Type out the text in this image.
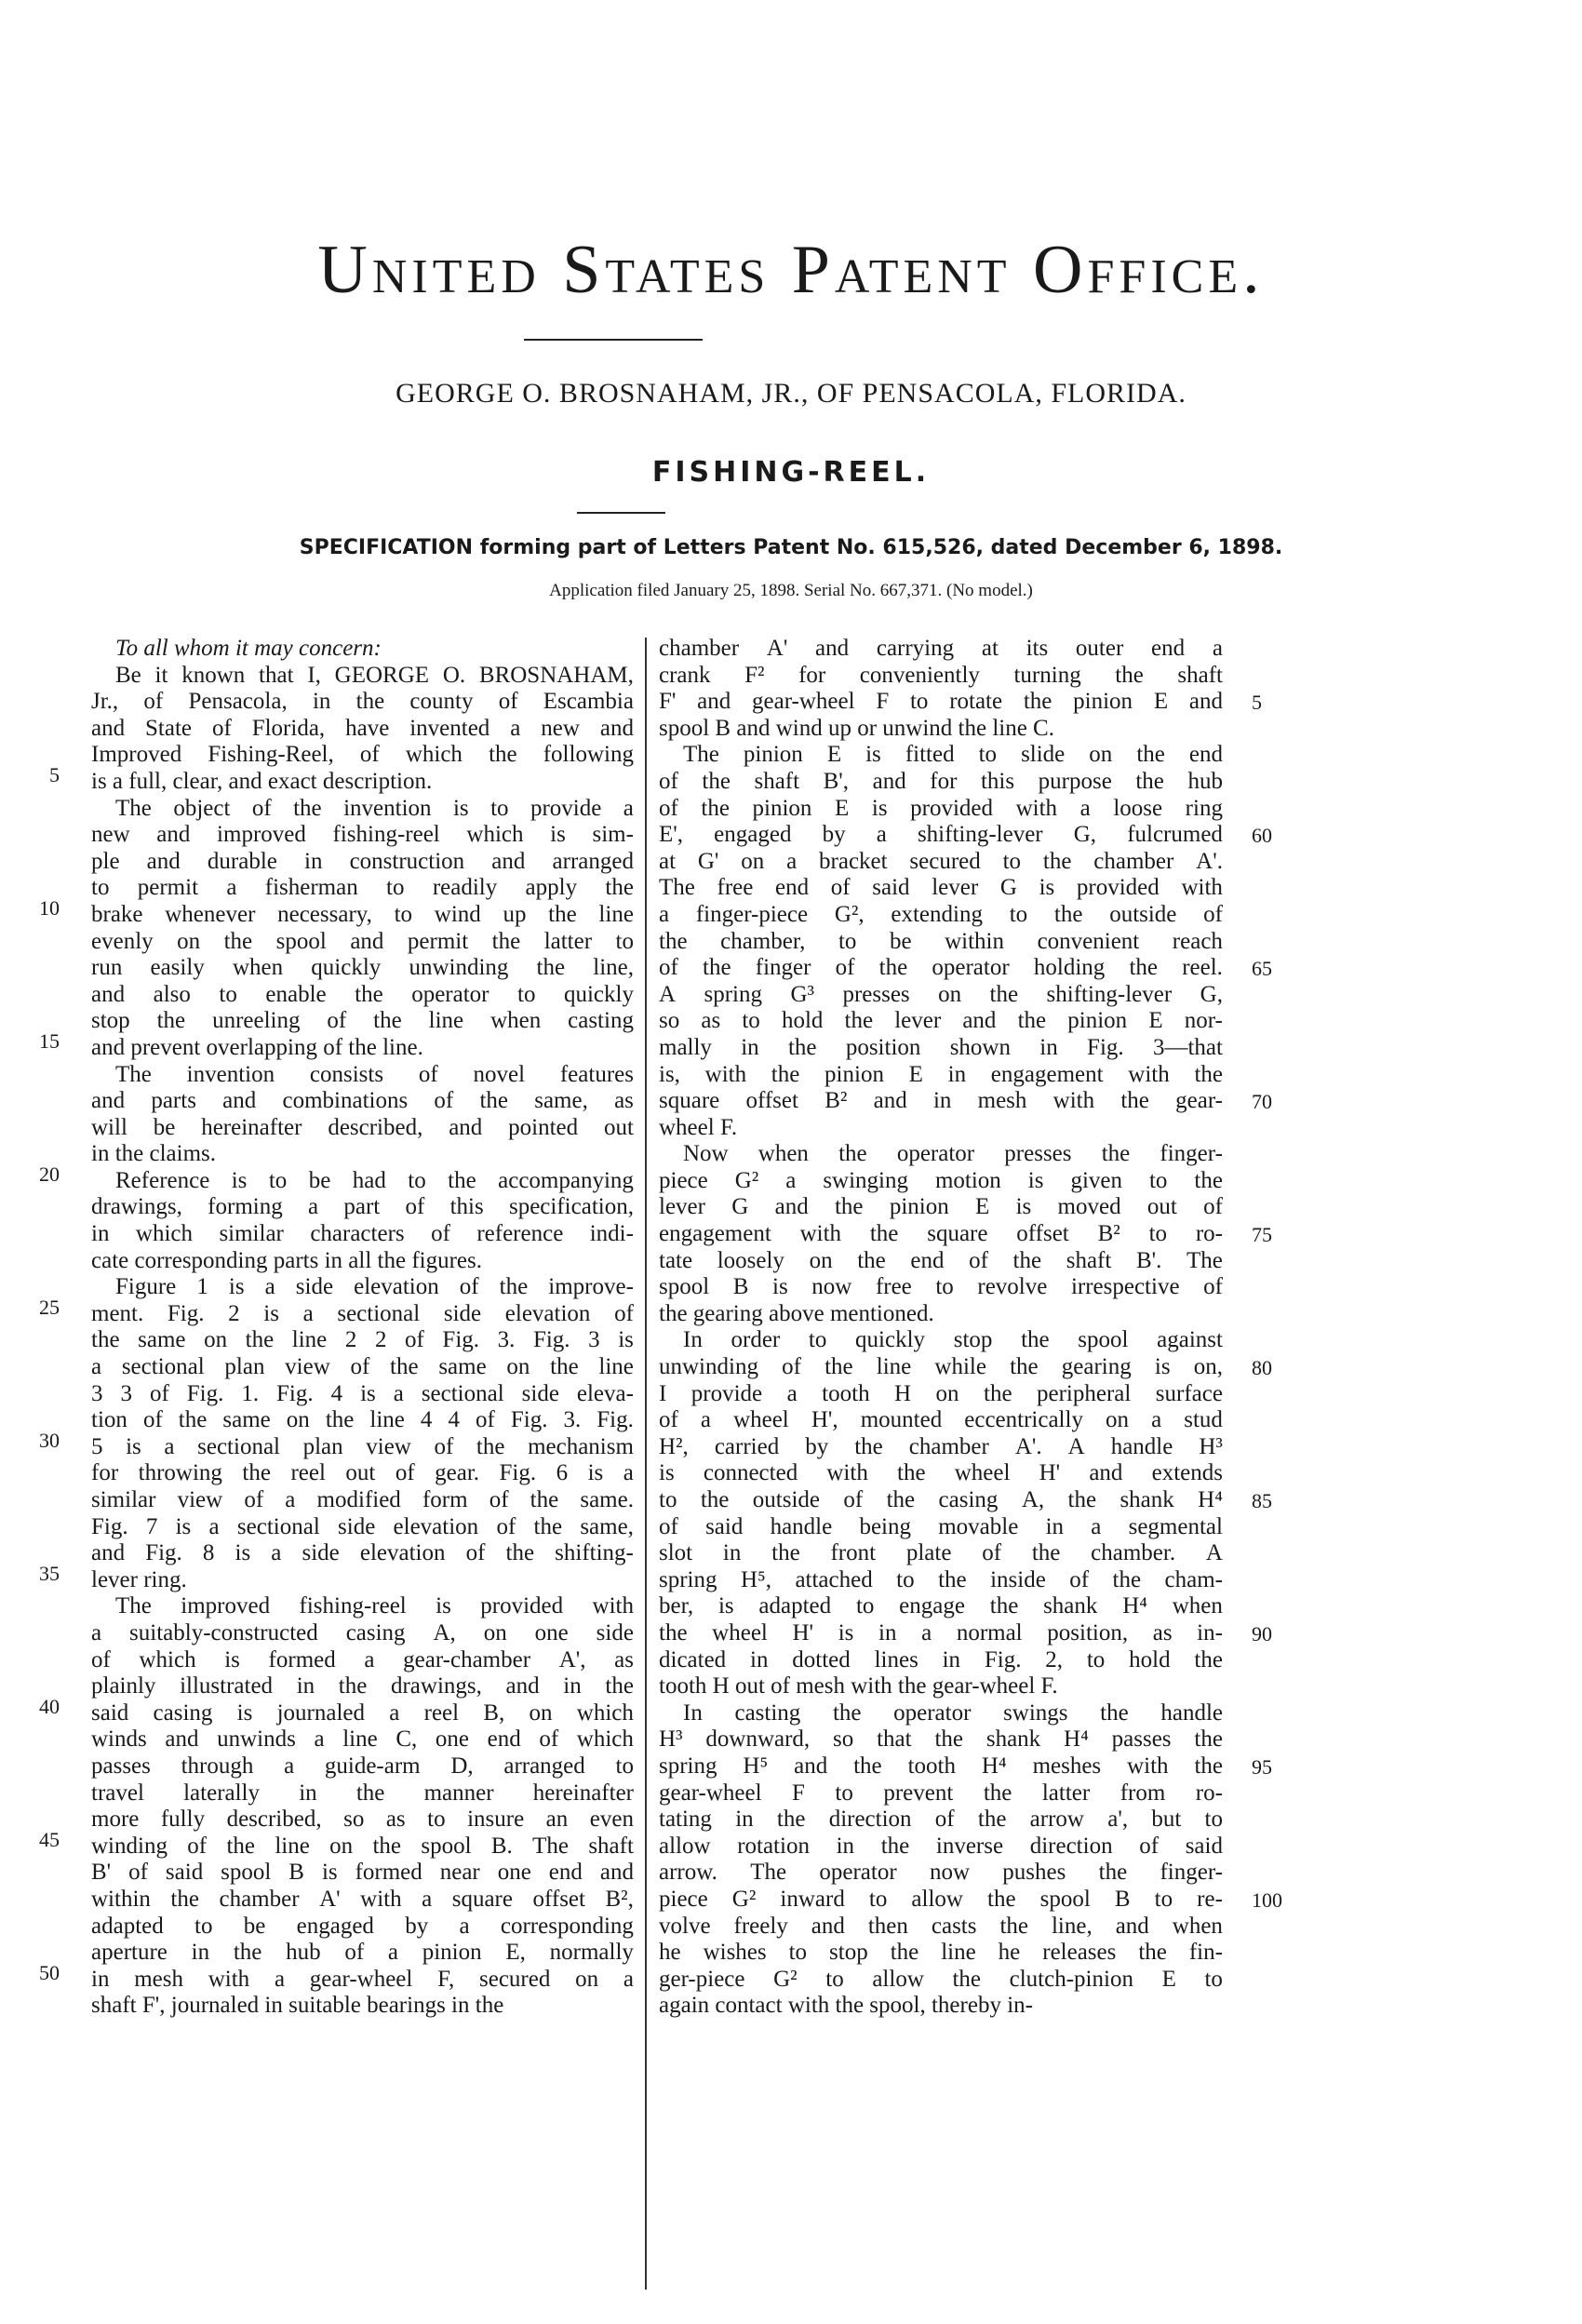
United States Patent Office.
GEORGE O. BROSNAHAM, JR., OF PENSACOLA, FLORIDA.
FISHING-REEL.
SPECIFICATION forming part of Letters Patent No. 615,526, dated December 6, 1898.
Application filed January 25, 1898. Serial No. 667,371. (No model.)
To all whom it may concern:
Be it known that I, GEORGE O. BROSNAHAM,
Jr., of Pensacola, in the county of Escambia
and State of Florida, have invented a new and
Improved Fishing-Reel, of which the following
is a full, clear, and exact description.
The object of the invention is to provide a
new and improved fishing-reel which is sim-
ple and durable in construction and arranged
to permit a fisherman to readily apply the
brake whenever necessary, to wind up the line
evenly on the spool and permit the latter to
run easily when quickly unwinding the line,
and also to enable the operator to quickly
stop the unreeling of the line when casting
and prevent overlapping of the line.
The invention consists of novel features
and parts and combinations of the same, as
will be hereinafter described, and pointed out
in the claims.
Reference is to be had to the accompanying
drawings, forming a part of this specification,
in which similar characters of reference indi-
cate corresponding parts in all the figures.
Figure 1 is a side elevation of the improve-
ment. Fig. 2 is a sectional side elevation of
the same on the line 2 2 of Fig. 3. Fig. 3 is
a sectional plan view of the same on the line
3 3 of Fig. 1. Fig. 4 is a sectional side eleva-
tion of the same on the line 4 4 of Fig. 3. Fig.
5 is a sectional plan view of the mechanism
for throwing the reel out of gear. Fig. 6 is a
similar view of a modified form of the same.
Fig. 7 is a sectional side elevation of the same,
and Fig. 8 is a side elevation of the shifting-
lever ring.
The improved fishing-reel is provided with
a suitably-constructed casing A, on one side
of which is formed a gear-chamber A', as
plainly illustrated in the drawings, and in the
said casing is journaled a reel B, on which
winds and unwinds a line C, one end of which
passes through a guide-arm D, arranged to
travel laterally in the manner hereinafter
more fully described, so as to insure an even
winding of the line on the spool B. The shaft
B' of said spool B is formed near one end and
within the chamber A' with a square offset B²,
adapted to be engaged by a corresponding
aperture in the hub of a pinion E, normally
in mesh with a gear-wheel F, secured on a
shaft F', journaled in suitable bearings in the
chamber A' and carrying at its outer end a
crank F² for conveniently turning the shaft
F' and gear-wheel F to rotate the pinion E and
spool B and wind up or unwind the line C.
The pinion E is fitted to slide on the end
of the shaft B', and for this purpose the hub
of the pinion E is provided with a loose ring
E', engaged by a shifting-lever G, fulcrumed
at G' on a bracket secured to the chamber A'.
The free end of said lever G is provided with
a finger-piece G², extending to the outside of
the chamber, to be within convenient reach
of the finger of the operator holding the reel.
A spring G³ presses on the shifting-lever G,
so as to hold the lever and the pinion E nor-
mally in the position shown in Fig. 3—that
is, with the pinion E in engagement with the
square offset B² and in mesh with the gear-
wheel F.
Now when the operator presses the finger-
piece G² a swinging motion is given to the
lever G and the pinion E is moved out of
engagement with the square offset B² to ro-
tate loosely on the end of the shaft B'. The
spool B is now free to revolve irrespective of
the gearing above mentioned.
In order to quickly stop the spool against
unwinding of the line while the gearing is on,
I provide a tooth H on the peripheral surface
of a wheel H', mounted eccentrically on a stud
H², carried by the chamber A'. A handle H³
is connected with the wheel H' and extends
to the outside of the casing A, the shank H⁴
of said handle being movable in a segmental
slot in the front plate of the chamber. A
spring H⁵, attached to the inside of the cham-
ber, is adapted to engage the shank H⁴ when
the wheel H' is in a normal position, as in-
dicated in dotted lines in Fig. 2, to hold the
tooth H out of mesh with the gear-wheel F.
In casting the operator swings the handle
H³ downward, so that the shank H⁴ passes the
spring H⁵ and the tooth H⁴ meshes with the
gear-wheel F to prevent the latter from ro-
tating in the direction of the arrow a', but to
allow rotation in the inverse direction of said
arrow. The operator now pushes the finger-
piece G² inward to allow the spool B to re-
volve freely and then casts the line, and when
he wishes to stop the line he releases the fin-
ger-piece G² to allow the clutch-pinion E to
again contact with the spool, thereby in-
5
10
15
20
25
30
35
40
45
50
5
60
65
70
75
80
85
90
95
100
